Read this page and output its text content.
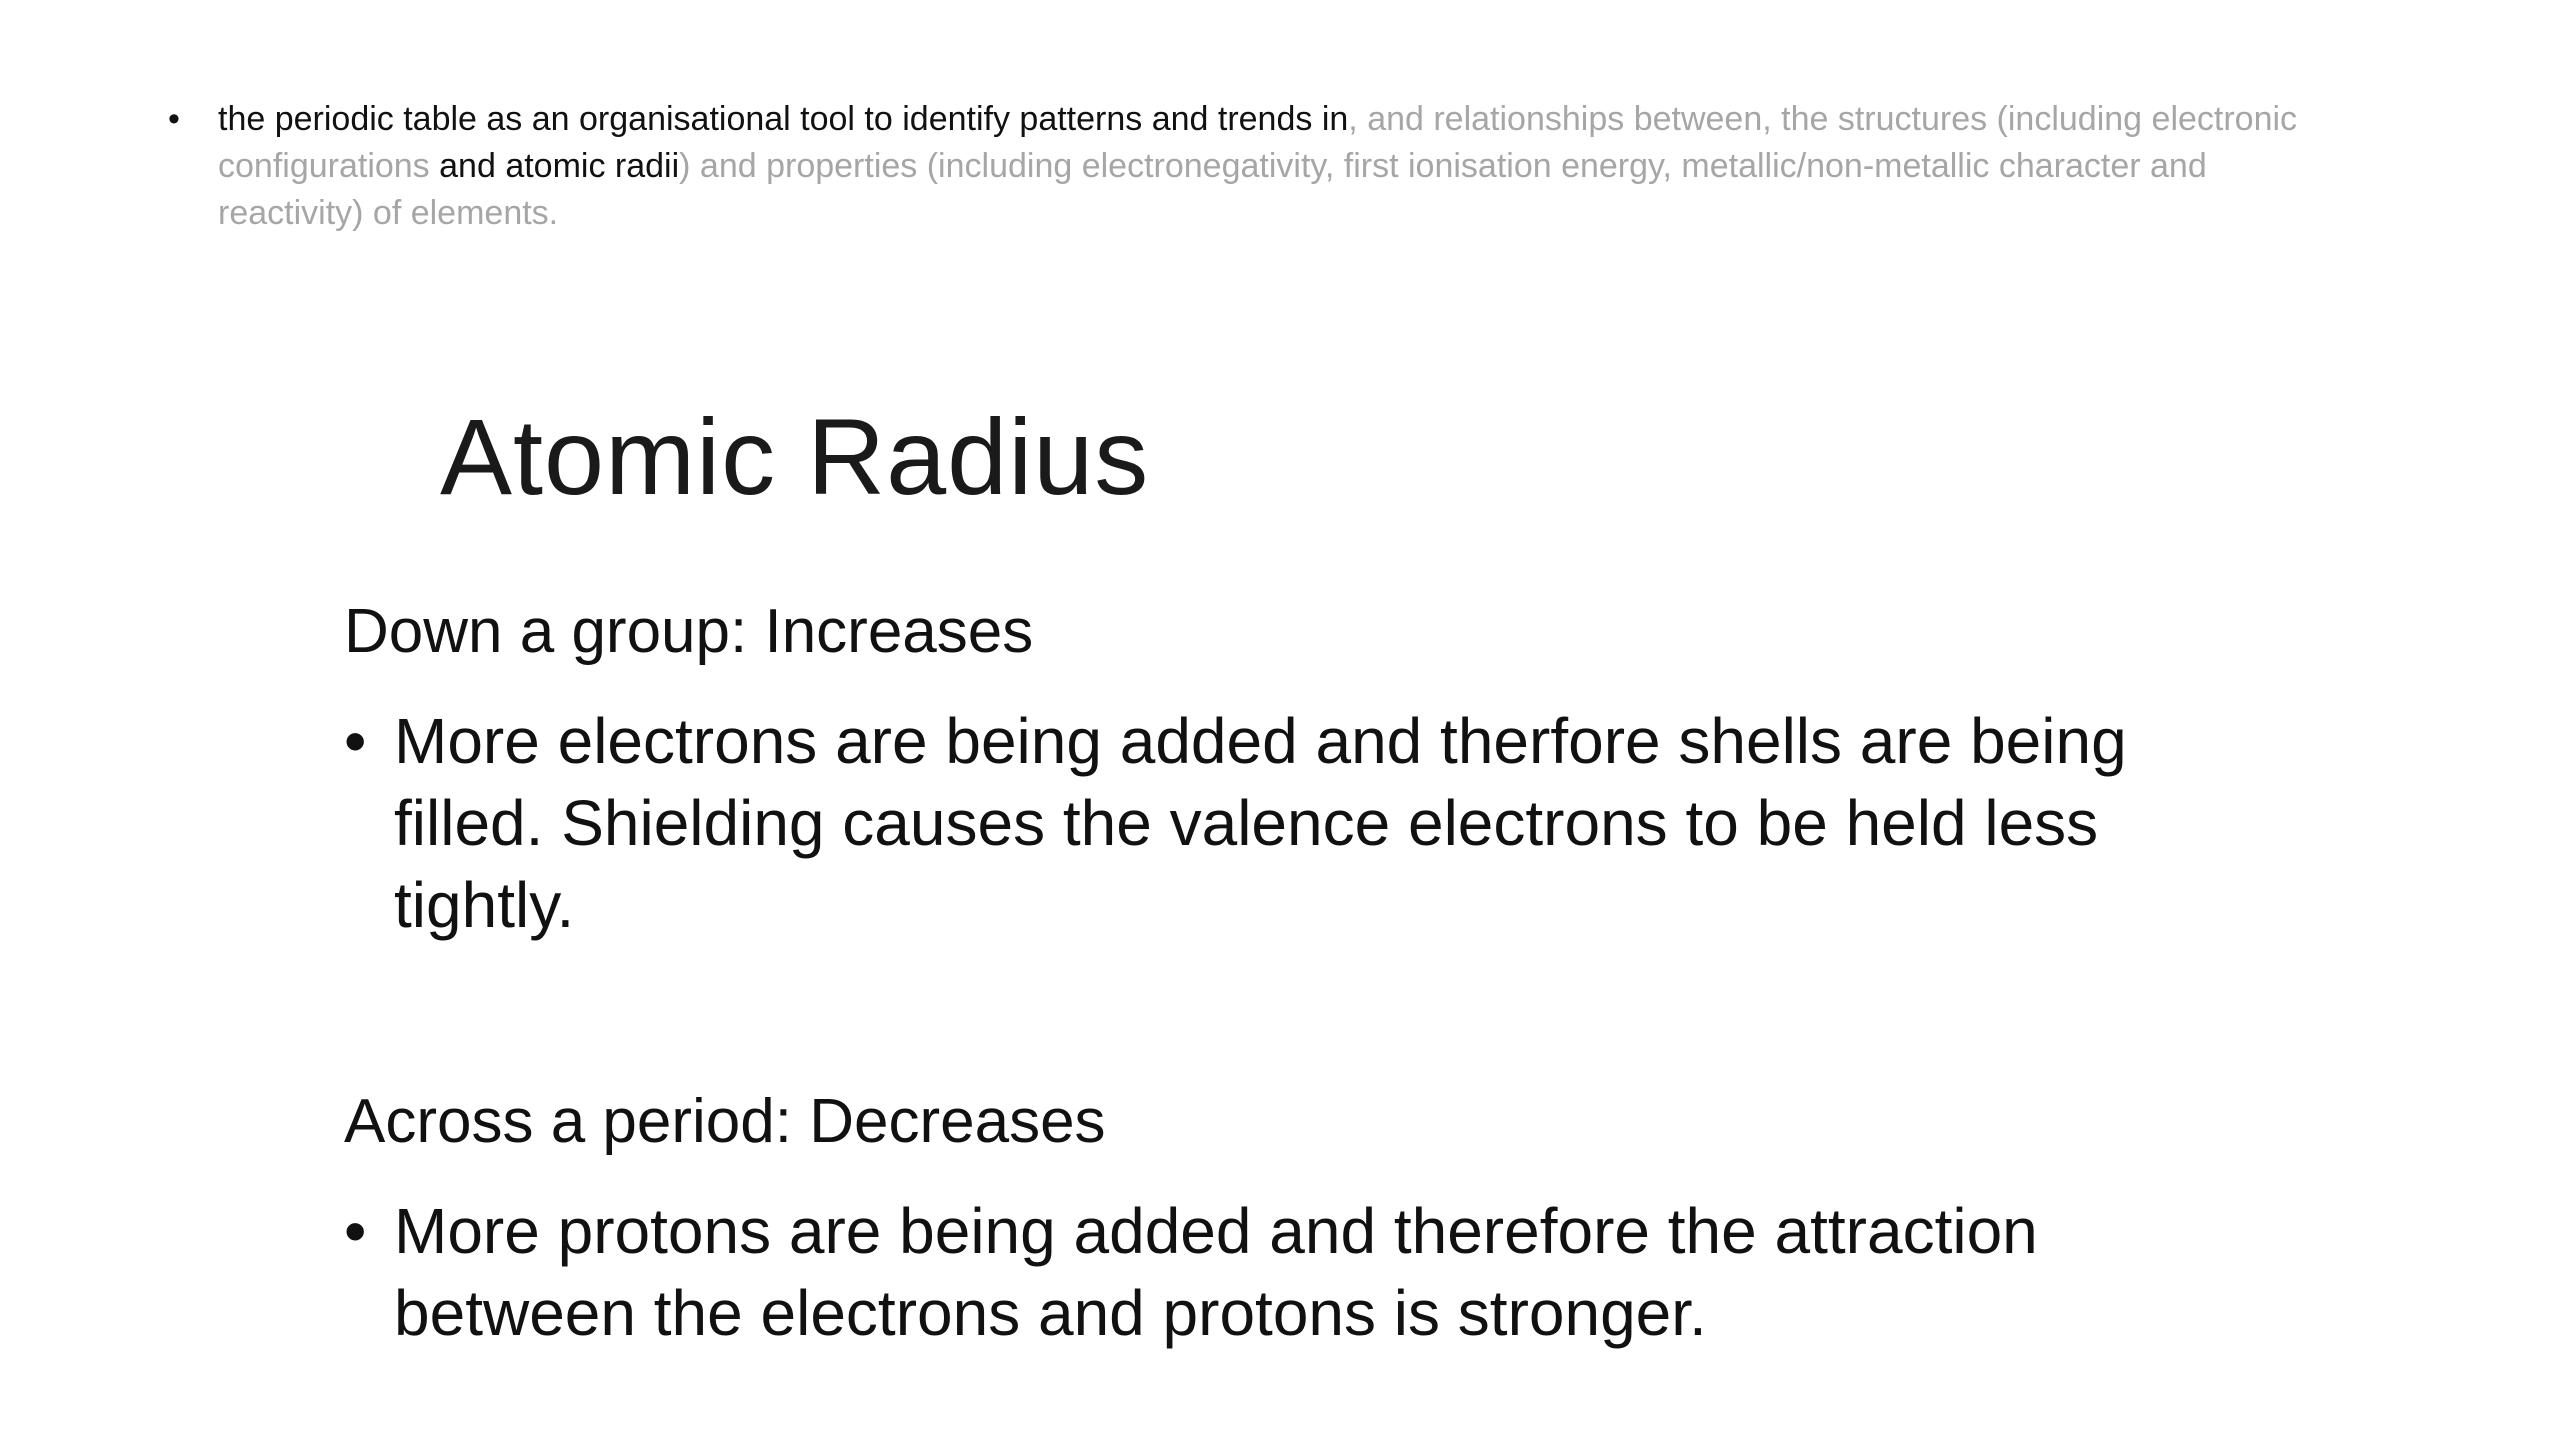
• the periodic table as an organisational tool to identify patterns and trends in, and relationships between, the structures (including electronic configurations and atomic radii) and properties (including electronegativity, first ionisation energy, metallic/non-metallic character and reactivity) of elements.
Atomic Radius
Down a group: Increases
• More electrons are being added and therfore shells are being filled. Shielding causes the valence electrons to be held less tightly.
Across a period: Decreases
• More protons are being added and therefore the attraction between the electrons and protons is stronger.
